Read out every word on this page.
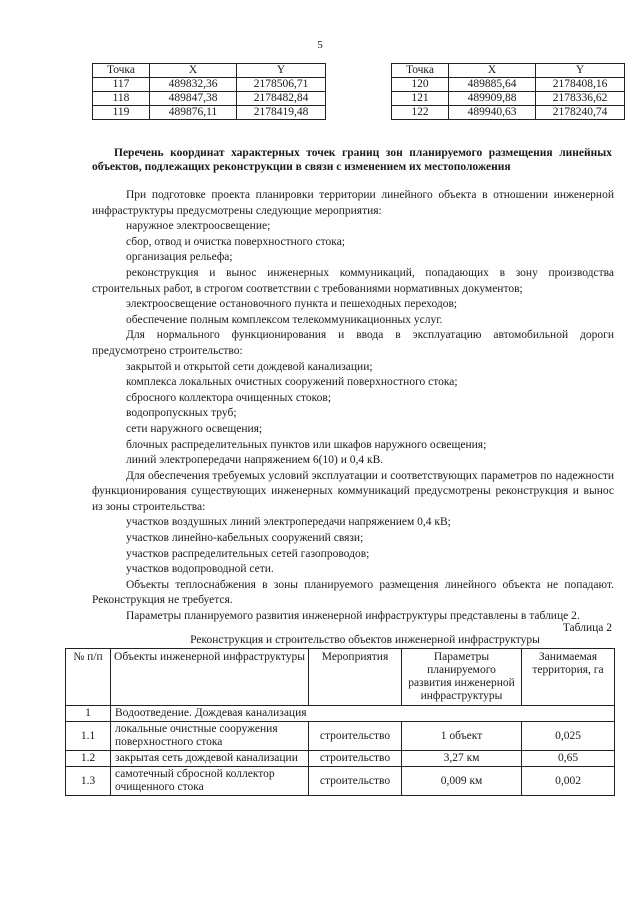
5
Точка	X	Y
117	489832,36	2178506,71
118	489847,38	2178482,84
119	489876,11	2178419,48
Точка	X	Y
120	489885,64	2178408,16
121	489909,88	2178336,62
122	489940,63	2178240,74
Перечень координат характерных точек границ зон планируемого размещения линейных объектов, подлежащих реконструкции в связи с изменением их местоположения

При подготовке проекта планировки территории линейного объекта в отношении инженерной инфраструктуры предусмотрены следующие мероприятия:

наружное электроосвещение;

сбор, отвод и очистка поверхностного стока;

организация рельефа;

реконструкция и вынос инженерных коммуникаций, попадающих в зону производства строительных работ, в строгом соответствии с требованиями нормативных документов;

электроосвещение остановочного пункта и пешеходных переходов;

обеспечение полным комплексом телекоммуникационных услуг.

Для нормального функционирования и ввода в эксплуатацию автомобильной дороги предусмотрено строительство:

закрытой и открытой сети дождевой канализации;

комплекса локальных очистных сооружений поверхностного стока;

сбросного коллектора очищенных стоков;

водопропускных труб;

сети наружного освещения;

блочных распределительных пунктов или шкафов наружного освещения;

линий электропередачи напряжением 6(10) и 0,4 кВ.

Для обеспечения требуемых условий эксплуатации и соответствующих параметров по надежности функционирования существующих инженерных коммуникаций предусмотрены реконструкция и вынос из зоны строительства:

участков воздушных линий электропередачи напряжением 0,4 кВ;

участков линейно-кабельных сооружений связи;

участков распределительных сетей газопроводов;

участков водопроводной сети.

Объекты теплоснабжения в зоны планируемого размещения линейного объекта не попадают. Реконструкция не требуется.

Параметры планируемого развития инженерной инфраструктуры представлены в таблице 2.

Таблица 2
Реконструкция и строительство объектов инженерной инфраструктуры
№ п/п	Объекты инженерной инфраструктуры	Мероприятия	Параметры планируемого развития инженерной инфраструктуры	Занимаемая территория, га
1	Водоотведение. Дождевая канализация			
1.1	локальные очистные сооружения поверхностного стока	строительство	1 объект	0,025
1.2	закрытая сеть дождевой канализации	строительство	3,27 км	0,65
1.3	самотечный сбросной коллектор очищенного стока	строительство	0,009 км	0,002
